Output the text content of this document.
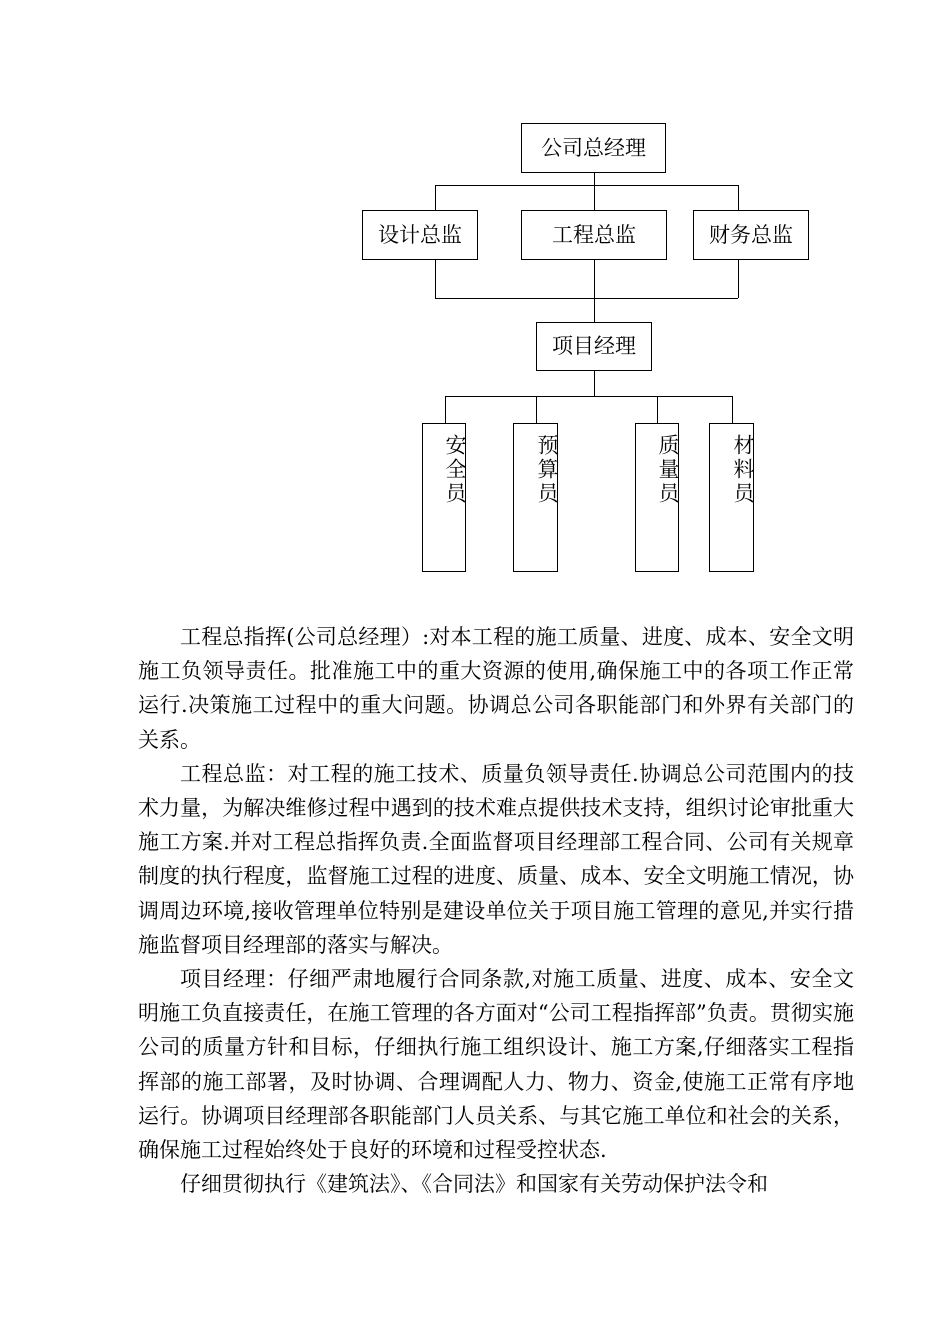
公司总经理
设计总监	工程总监	财务总监
项目经理
安全员	预算员	质量员 材料员

工程总指挥(公司总经理）:对本工程的施工质量、进度、成本、安全文明施工负领导责任。批准施工中的重大资源的使用,确保施工中的各项工作正常运行.决策施工过程中的重大问题。协调总公司各职能部门和外界有关部门的关系。

工程总监：对工程的施工技术、质量负领导责任.协调总公司范围内的技术力量，为解决维修过程中遇到的技术难点提供技术支持，组织讨论审批重大施工方案.并对工程总指挥负责.全面监督项目经理部工程合同、公司有关规章制度的执行程度，监督施工过程的进度、质量、成本、安全文明施工情况，协调周边环境,接收管理单位特别是建设单位关于项目施工管理的意见,并实行措施监督项目经理部的落实与解决。

项目经理：仔细严肃地履行合同条款,对施工质量、进度、成本、安全文明施工负直接责任，在施工管理的各方面对“公司工程指挥部”负责。贯彻实施公司的质量方针和目标，仔细执行施工组织设计、施工方案,仔细落实工程指挥部的施工部署，及时协调、合理调配人力、物力、资金,使施工正常有序地运行。协调项目经理部各职能部门人员关系、与其它施工单位和社会的关系，确保施工过程始终处于良好的环境和过程受控状态.

仔细贯彻执行《建筑法》、《合同法》和国家有关劳动保护法令和
